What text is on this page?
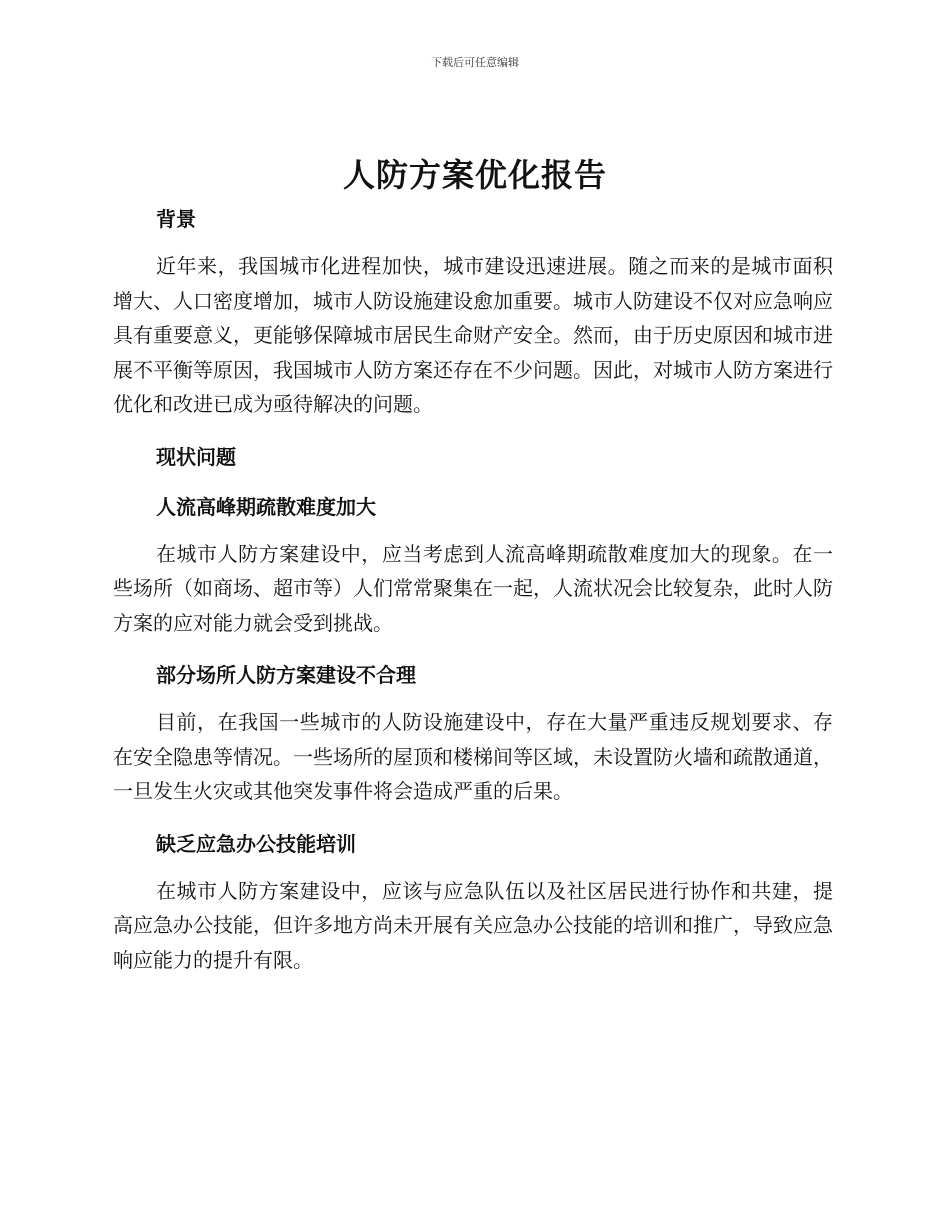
下载后可任意编辑
人防方案优化报告
背景

近年来，我国城市化进程加快，城市建设迅速进展。随之而来的是城市面积增大、人口密度增加，城市人防设施建设愈加重要。城市人防建设不仅对应急响应具有重要意义，更能够保障城市居民生命财产安全。然而，由于历史原因和城市进展不平衡等原因，我国城市人防方案还存在不少问题。因此，对城市人防方案进行优化和改进已成为亟待解决的问题。

现状问题
人流高峰期疏散难度加大

在城市人防方案建设中，应当考虑到人流高峰期疏散难度加大的现象。在一些场所（如商场、超市等）人们常常聚集在一起，人流状况会比较复杂，此时人防方案的应对能力就会受到挑战。

部分场所人防方案建设不合理

目前，在我国一些城市的人防设施建设中，存在大量严重违反规划要求、存在安全隐患等情况。一些场所的屋顶和楼梯间等区域，未设置防火墙和疏散通道，一旦发生火灾或其他突发事件将会造成严重的后果。

缺乏应急办公技能培训

在城市人防方案建设中，应该与应急队伍以及社区居民进行协作和共建，提高应急办公技能，但许多地方尚未开展有关应急办公技能的培训和推广，导致应急响应能力的提升有限。
